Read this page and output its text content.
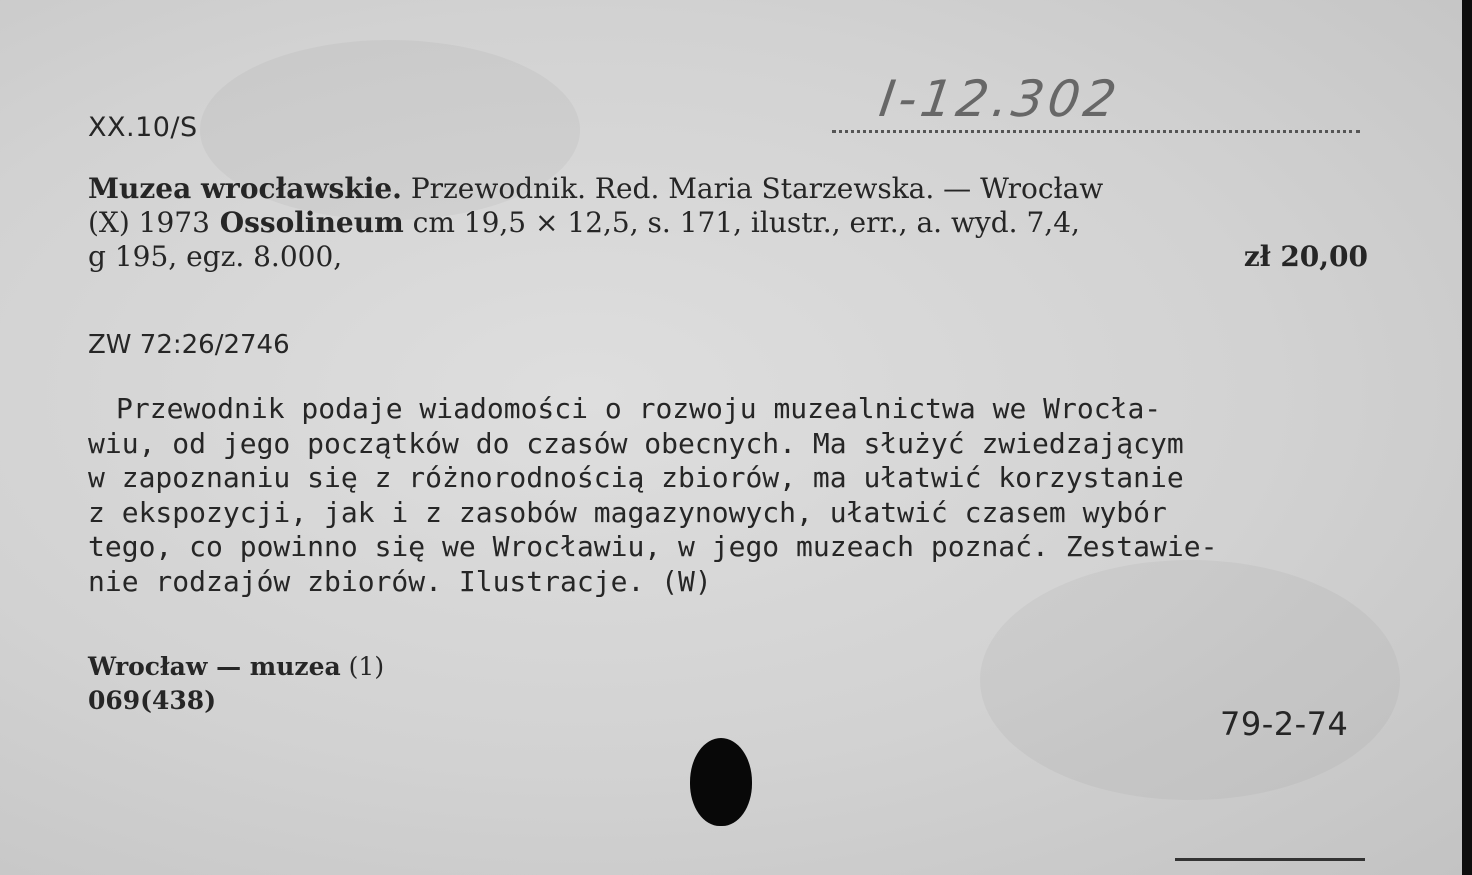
XX.10/S	I-12.302
Muzea wrocławskie. Przewodnik. Red. Maria Starzewska. — Wrocław
(X) 1973 Ossolineum cm 19,5 × 12,5, s. 171, ilustr., err., a. wyd. 7,4,
g 195, egz. 8.000,	zł 20,00
ZW 72:26/2746
Przewodnik podaje wiadomości o rozwoju muzealnictwa we Wrocła-
wiu, od jego początków do czasów obecnych. Ma służyć zwiedzającym
w zapoznaniu się z różnorodnością zbiorów, ma ułatwić korzystanie
z ekspozycji, jak i z zasobów magazynowych, ułatwić czasem wybór
tego, co powinno się we Wrocławiu, w jego muzeach poznać. Zestawie-
nie rodzajów zbiorów. Ilustracje. (W)
Wrocław — muzea (1)
069(438)
79-2-74
